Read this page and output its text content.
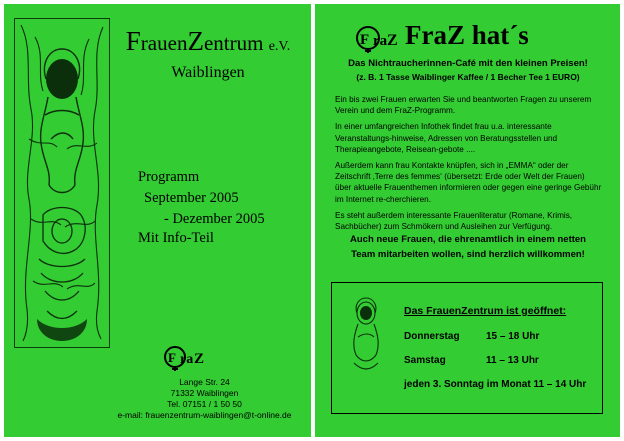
FrauenZentrum e.V.
Waiblingen
Programm
September 2005
- Dezember 2005
Mit Info-Teil
F ra Z
Lange Str. 24
71332 Waiblingen
Tel. 07151 / 1 50 50
e-mail: frauenzentrum-waiblingen@t-online.de
F ra Z FraZ hat´s
Das Nichtraucherinnen-Café mit den kleinen Preisen!
(z. B. 1 Tasse Waiblinger Kaffee / 1 Becher Tee 1 EURO)

Ein bis zwei Frauen erwarten Sie und beantworten Fragen zu unserem Verein und dem FraZ-Programm.

In einer umfangreichen Infothek findet frau u.a. interessante Veranstaltungs-hinweise, Adressen von Beratungsstellen und Therapieangebote, Reisean-gebote ....

Außerdem kann frau Kontakte knüpfen, sich in „EMMA“ oder der Zeitschrift ‚Terre des femmes‘ (übersetzt: Erde oder Welt der Frauen) über aktuelle Frauenthemen informieren oder gegen eine geringe Gebühr im Internet re-cherchieren.

Es steht außerdem interessante Frauenliteratur (Romane, Krimis, Sachbücher) zum Schmökern und Ausleihen zur Verfügung.

Auch neue Frauen, die ehrenamtlich in einem netten
Team mitarbeiten wollen, sind herzlich willkommen!
Das FrauenZentrum ist geöffnet:
Donnerstag	15 – 18 Uhr
Samstag	11 – 13 Uhr
jeden 3. Sonntag im Monat 11 – 14 Uhr
